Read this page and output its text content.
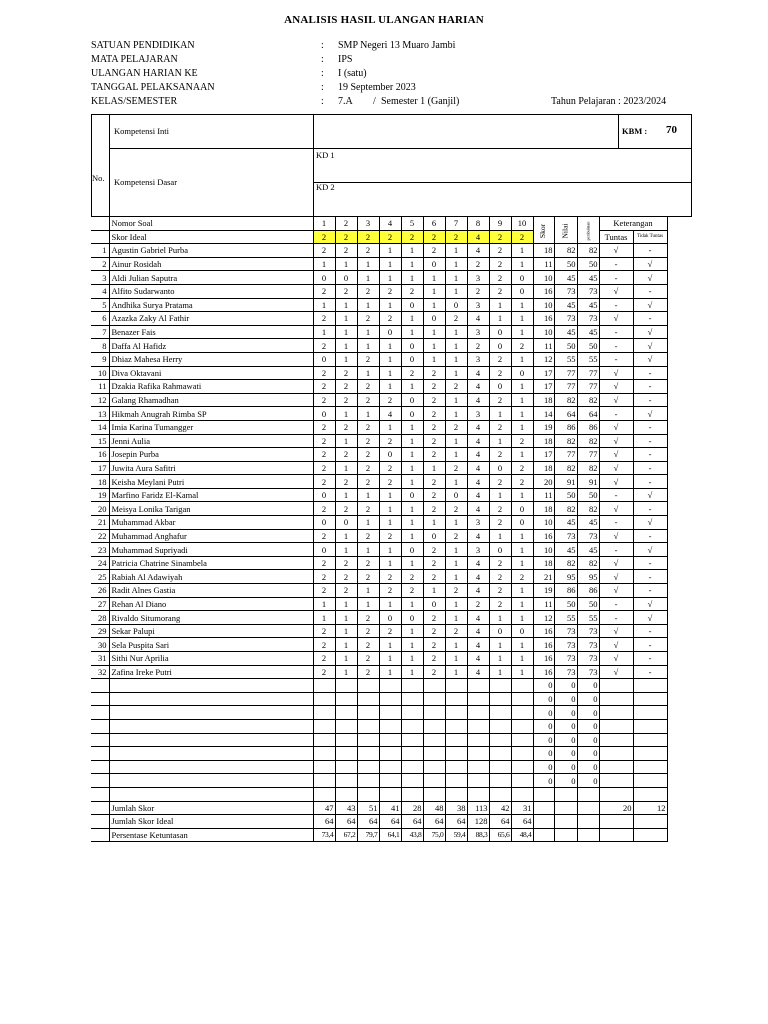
ANALISIS HASIL ULANGAN HARIAN
SATUAN PENDIDIKAN	: SMP Negeri 13 Muaro Jambi
MATA PELAJARAN	: IPS
ULANGAN HARIAN KE	: I (satu)
TANGGAL PELAKSANAAN	: 19 September 2023
KELAS/SEMESTER	: 7.A / Semester 1 (Ganjil)	Tahun Pelajaran : 2023/2024
No.
Kompetensi Inti	KBM : 70
KD 1
Kompetensi Dasar	KD 2
	Nomor Soal	1	2	3	4	5	6	7	8	9	10	Skor	Nilai	pembulatan	Keterangan	
	Skor Ideal	2	2	2	2	2	2	2	4	2	2				Tuntas	Tidak Tuntas
1	Agustin Gabriel Purba	2	2	2	1	1	2	1	4	2	1	18	82	82	√	-
2	Ainur Rosidah	1	1	1	1	1	0	1	2	2	1	11	50	50	-	√
3	Aldi Julian Saputra	0	0	1	1	1	1	1	3	2	0	10	45	45	-	√
4	Alfito Sudarwanto	2	2	2	2	2	1	1	2	2	0	16	73	73	√	-
5	Andhika Surya Pratama	1	1	1	1	0	1	0	3	1	1	10	45	45	-	√
6	Azazka Zaky Al Fathir	2	1	2	2	1	0	2	4	1	1	16	73	73	√	-
7	Benazer Fais	1	1	1	0	1	1	1	3	0	1	10	45	45	-	√
8	Daffa Al Hafidz	2	1	1	1	0	1	1	2	0	2	11	50	50	-	√
9	Dhiaz Mahesa Herry	0	1	2	1	0	1	1	3	2	1	12	55	55	-	√
10	Diva Oktavani	2	2	1	1	2	2	1	4	2	0	17	77	77	√	-
11	Dzakia Rafika Rahmawati	2	2	2	1	1	2	2	4	0	1	17	77	77	√	-
12	Galang Rhamadhan	2	2	2	2	0	2	1	4	2	1	18	82	82	√	-
13	Hikmah Anugrah Rimba SP	0	1	1	4	0	2	1	3	1	1	14	64	64	-	√
14	Imia Karina Tumangger	2	2	2	1	1	2	2	4	2	1	19	86	86	√	-
15	Jenni Aulia	2	1	2	2	1	2	1	4	1	2	18	82	82	√	-
16	Josepin Purba	2	2	2	0	1	2	1	4	2	1	17	77	77	√	-
17	Juwita Aura Safitri	2	1	2	2	1	1	2	4	0	2	18	82	82	√	-
18	Keisha Meylani Putri	2	2	2	2	1	2	1	4	2	2	20	91	91	√	-
19	Marfino Faridz El-Kamal	0	1	1	1	0	2	0	4	1	1	11	50	50	-	√
20	Meisya Lonika Tarigan	2	2	2	1	1	2	2	4	2	0	18	82	82	√	-
21	Muhammad Akbar	0	0	1	1	1	1	1	3	2	0	10	45	45	-	√
22	Muhammad Anghafur	2	1	2	2	1	0	2	4	1	1	16	73	73	√	-
23	Muhammad Supriyadi	0	1	1	1	0	2	1	3	0	1	10	45	45	-	√
24	Patricia Chatrine Sinambela	2	2	2	1	1	2	1	4	2	1	18	82	82	√	-
25	Rabiah Al Adawiyah	2	2	2	2	2	2	1	4	2	2	21	95	95	√	-
26	Radit Alnes Gastia	2	2	1	2	2	1	2	4	2	1	19	86	86	√	-
27	Rehan Al Diano	1	1	1	1	1	0	1	2	2	1	11	50	50	-	√
28	Rivaldo Situmorang	1	1	2	0	0	2	1	4	1	1	12	55	55	-	√
29	Sekar Palupi	2	1	2	2	1	2	2	4	0	0	16	73	73	√	-
30	Sela Puspita Sari	2	1	2	1	1	2	1	4	1	1	16	73	73	√	-
31	Sithi Nur Aprilia	2	1	2	1	1	2	1	4	1	1	16	73	73	√	-
32	Zafina Ireke Putri	2	1	2	1	1	2	1	4	1	1	16	73	73	√	-
												0	0	0		
												0	0	0		
												0	0	0		
												0	0	0		
												0	0	0		
												0	0	0		
												0	0	0		
												0	0	0		

	Jumlah Skor	47	43	51	41	28	48	38	113	42	31				20	12
	Jumlah Skor Ideal	64	64	64	64	64	64	64	128	64	64					
	Persentase Ketuntasan	73,4	67,2	79,7	64,1	43,8	75,0	59,4	88,3	65,6	48,4					
